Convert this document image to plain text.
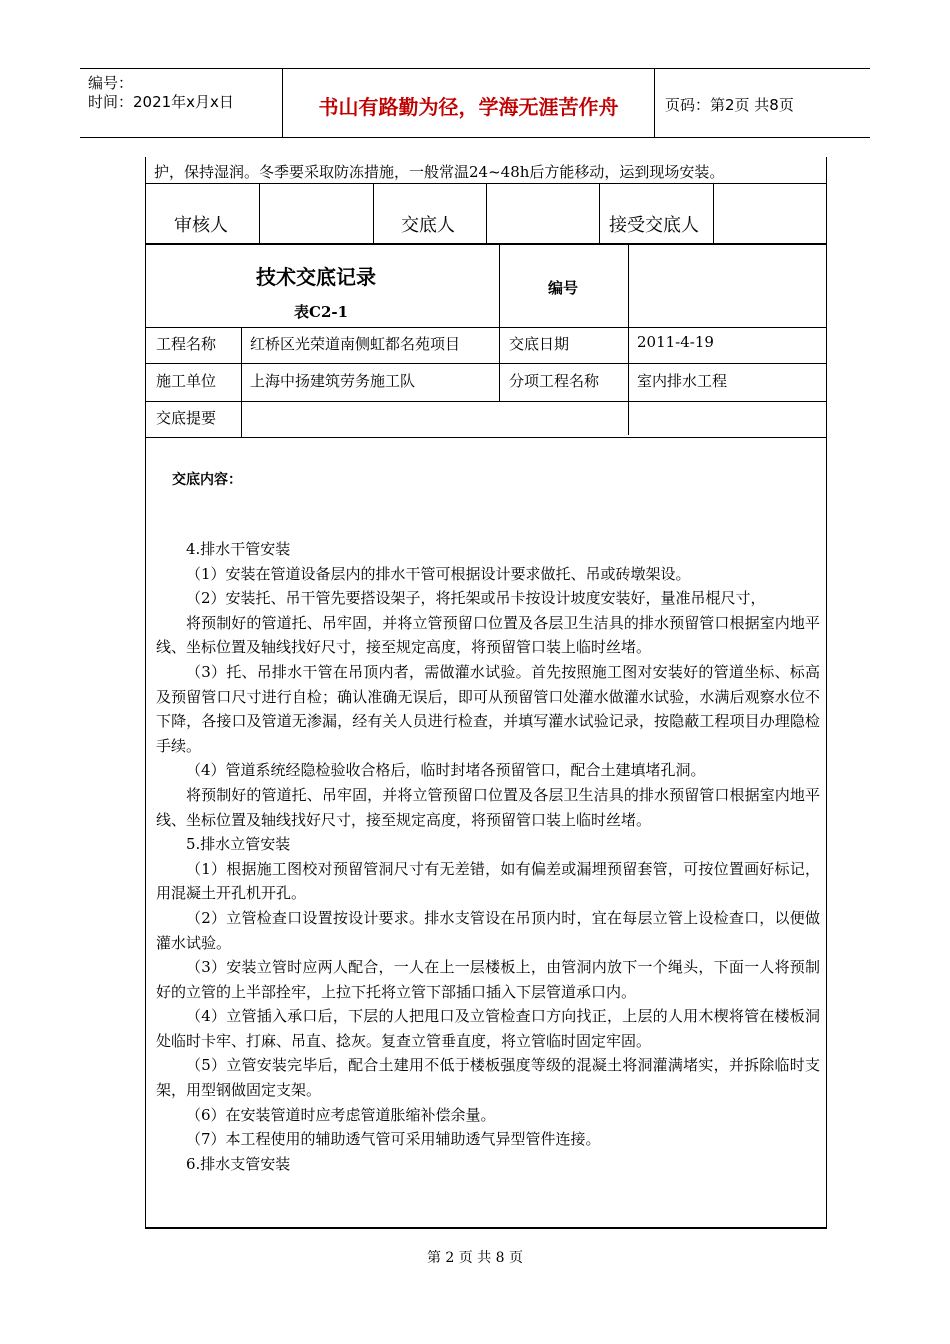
编号：
时间：2021年x月x日	书山有路勤为径，学海无涯苦作舟	页码：第2页 共8页
护，保持湿润。冬季要采取防冻措施，一般常温24~48h后方能移动，运到现场安装。
审核人	交底人	接受交底人
技术交底记录
表C2-1
编号
工程名称 红桥区光荣道南侧虹都名苑项目	交底日期	2011-4-19
施工单位 上海中扬建筑劳务施工队	分项工程名称	室内排水工程
交底提要
交底内容：

4.排水干管安装

（1）安装在管道设备层内的排水干管可根据设计要求做托、吊或砖墩架设。

（2）安装托、吊干管先要搭设架子，将托架或吊卡按设计坡度安装好，量准吊棍尺寸，

将预制好的管道托、吊牢固，并将立管预留口位置及各层卫生洁具的排水预留管口根据室内地平线、坐标位置及轴线找好尺寸，接至规定高度，将预留管口装上临时丝堵。

（3）托、吊排水干管在吊顶内者，需做灌水试验。首先按照施工图对安装好的管道坐标、标高及预留管口尺寸进行自检；确认准确无误后，即可从预留管口处灌水做灌水试验，水满后观察水位不下降，各接口及管道无渗漏，经有关人员进行检查，并填写灌水试验记录，按隐蔽工程项目办理隐检手续。

（4）管道系统经隐检验收合格后，临时封堵各预留管口，配合土建填堵孔洞。

将预制好的管道托、吊牢固，并将立管预留口位置及各层卫生洁具的排水预留管口根据室内地平线、坐标位置及轴线找好尺寸，接至规定高度，将预留管口装上临时丝堵。

5.排水立管安装

（1）根据施工图校对预留管洞尺寸有无差错，如有偏差或漏埋预留套管，可按位置画好标记，用混凝土开孔机开孔。

（2）立管检查口设置按设计要求。排水支管设在吊顶内时，宜在每层立管上设检查口，以便做灌水试验。

（3）安装立管时应两人配合，一人在上一层楼板上，由管洞内放下一个绳头，下面一人将预制好的立管的上半部拴牢，上拉下托将立管下部插口插入下层管道承口内。

（4）立管插入承口后，下层的人把甩口及立管检查口方向找正，上层的人用木楔将管在楼板洞处临时卡牢、打麻、吊直、捻灰。复查立管垂直度，将立管临时固定牢固。

（5）立管安装完毕后，配合土建用不低于楼板强度等级的混凝土将洞灌满堵实，并拆除临时支架，用型钢做固定支架。

（6）在安装管道时应考虑管道胀缩补偿余量。

（7）本工程使用的辅助透气管可采用辅助透气异型管件连接。

6.排水支管安装

第 2 页 共 8 页
